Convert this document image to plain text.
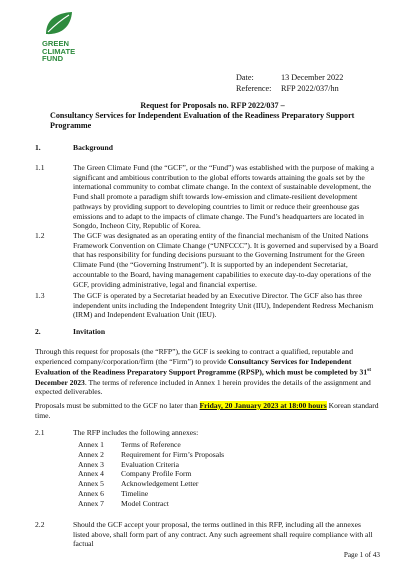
GREEN
CLIMATE
FUND
Date:	13 December 2022
Reference: RFP 2022/037/hn
Request for Proposals no. RFP 2022/037 –
Consultancy Services for Independent Evaluation of the Readiness Preparatory Support
Programme
1.	Background
1.1	The Green Climate Fund (the “GCF”, or the “Fund”) was established with the purpose of making a significant and ambitious contribution to the global efforts towards attaining the goals set by the international community to combat climate change. In the context of sustainable development, the Fund shall promote a paradigm shift towards low-emission and climate-resilient development pathways by providing support to developing countries to limit or reduce their greenhouse gas emissions and to adapt to the impacts of climate change. The Fund’s headquarters are located in Songdo, Incheon City, Republic of Korea.

1.2	The GCF was designated as an operating entity of the financial mechanism of the United Nations Framework Convention on Climate Change (“UNFCCC”). It is governed and supervised by a Board that has responsibility for funding decisions pursuant to the Governing Instrument for the Green Climate Fund (the “Governing Instrument”). It is supported by an independent Secretariat, accountable to the Board, having management capabilities to execute day-to-day operations of the GCF, providing administrative, legal and financial expertise.

1.3	The GCF is operated by a Secretariat headed by an Executive Director. The GCF also has three independent units including the Independent Integrity Unit (IIU), Independent Redress Mechanism (IRM) and Independent Evaluation Unit (IEU).

2.	Invitation

Through this request for proposals (the “RFP”), the GCF is seeking to contract a qualified, reputable and experienced company/corporation/firm (the “Firm”) to provide Consultancy Services for Independent Evaluation of the Readiness Preparatory Support Programme (RPSP), which must be completed by 31st December 2023. The terms of reference included in Annex 1 herein provides the details of the assignment and expected deliverables.

Proposals must be submitted to the GCF no later than Friday, 20 January 2023 at 18:00 hours Korean standard time.

2.1	The RFP includes the following annexes:

Annex 1 Terms of Reference
Annex 2 Requirement for Firm’s Proposals
Annex 3 Evaluation Criteria
Annex 4 Company Profile Form
Annex 5 Acknowledgement Letter
Annex 6 Timeline
Annex 7 Model Contract
2.2	Should the GCF accept your proposal, the terms outlined in this RFP, including all the annexes listed above, shall form part of any contract. Any such agreement shall require compliance with all factual

Page 1 of 43
